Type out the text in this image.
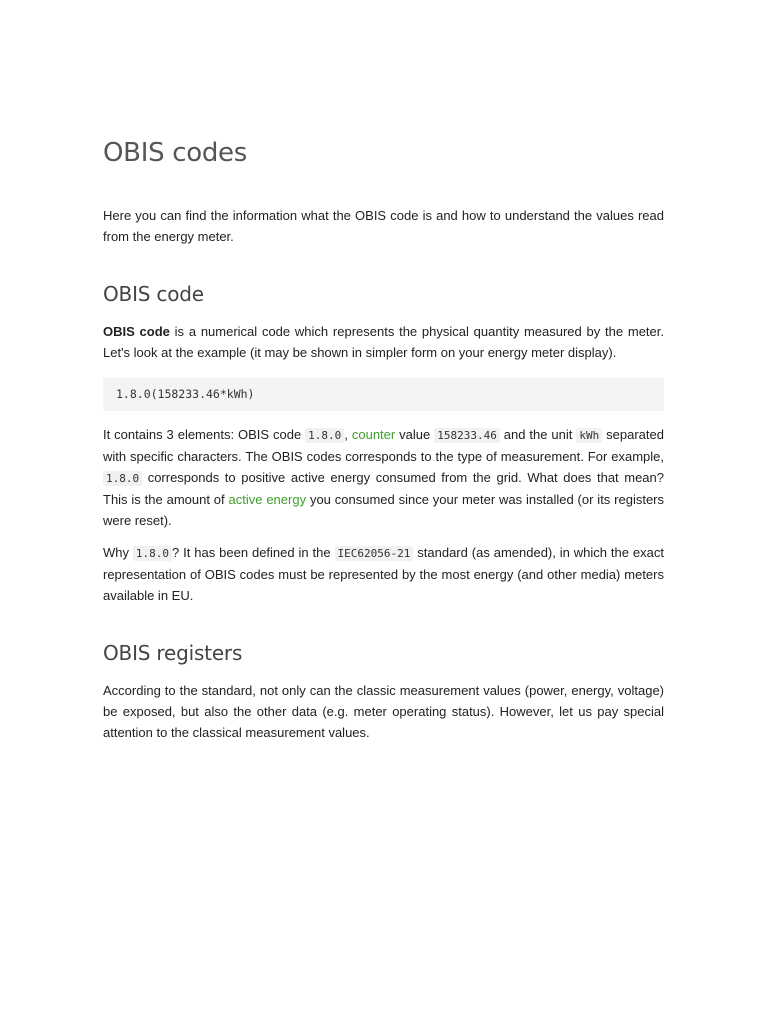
OBIS codes

Here you can find the information what the OBIS code is and how to understand the values read from the energy meter.

OBIS code

OBIS code is a numerical code which represents the physical quantity measured by the meter. Let's look at the example (it may be shown in simpler form on your energy meter display).

1.8.0(158233.46*kWh)

It contains 3 elements: OBIS code 1.8.0 , counter value 158233.46 and the unit kWh separated with specific characters. The OBIS codes corresponds to the type of measurement. For example, 1.8.0 corresponds to positive active energy consumed from the grid. What does that mean? This is the amount of active energy you consumed since your meter was installed (or its registers were reset).

Why 1.8.0 ? It has been defined in the IEC62056-21 standard (as amended), in which the exact representation of OBIS codes must be represented by the most energy (and other media) meters available in EU.

OBIS registers

According to the standard, not only can the classic measurement values (power, energy, voltage) be exposed, but also the other data (e.g. meter operating status). However, let us pay special attention to the classical measurement values.
